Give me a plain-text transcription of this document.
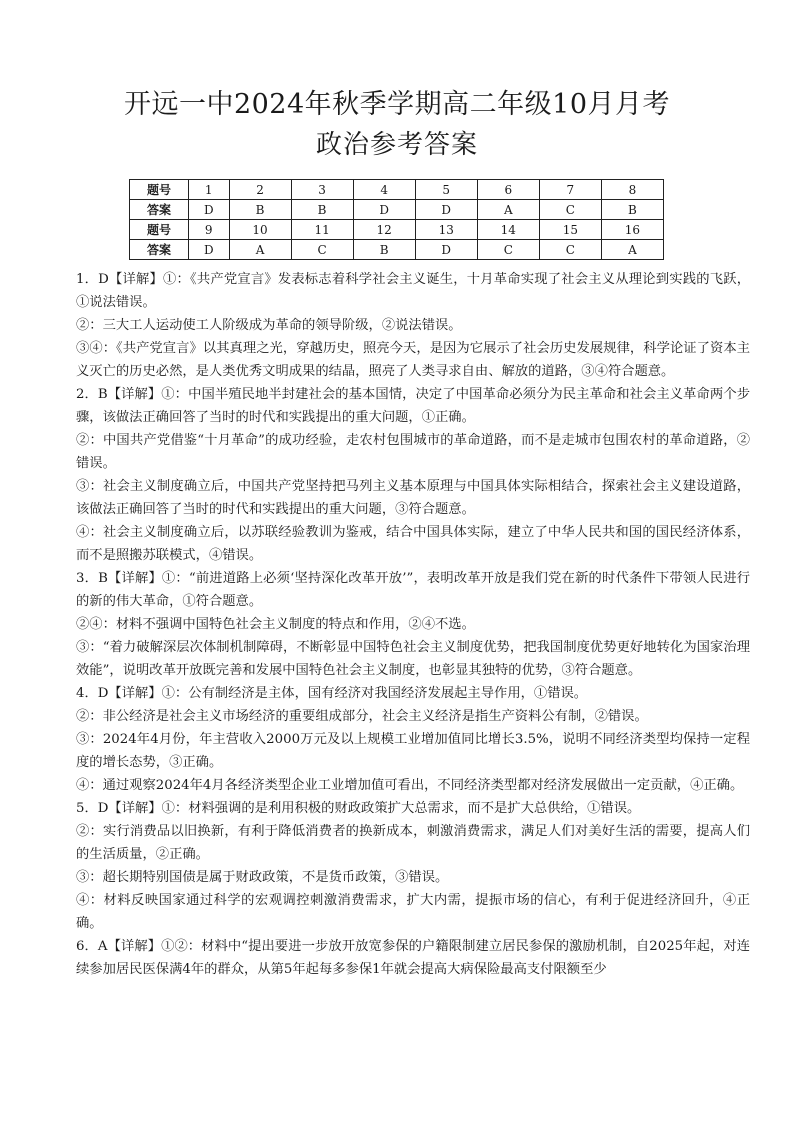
开远一中2024年秋季学期高二年级10月月考
政治参考答案
题号	1	2	3	4	5	6	7	8
答案	D	B	B	D	D	A	C	B
题号	9	10	11	12	13	14	15	16
答案	D	A	C	B	D	C	C	A

1．D【详解】①：《共产党宣言》发表标志着科学社会主义诞生，十月革命实现了社会主义从理论到实践的飞跃，①说法错误。

②：三大工人运动使工人阶级成为革命的领导阶级，②说法错误。

③④：《共产党宣言》以其真理之光，穿越历史，照亮今天，是因为它展示了社会历史发展规律，科学论证了资本主义灭亡的历史必然，是人类优秀文明成果的结晶，照亮了人类寻求自由、解放的道路，③④符合题意。

2．B【详解】①：中国半殖民地半封建社会的基本国情，决定了中国革命必须分为民主革命和社会主义革命两个步骤，该做法正确回答了当时的时代和实践提出的重大问题，①正确。

②：中国共产党借鉴“十月革命”的成功经验，走农村包围城市的革命道路，而不是走城市包围农村的革命道路，②错误。

③：社会主义制度确立后，中国共产党坚持把马列主义基本原理与中国具体实际相结合，探索社会主义建设道路，该做法正确回答了当时的时代和实践提出的重大问题，③符合题意。

④：社会主义制度确立后，以苏联经验教训为鉴戒，结合中国具体实际，建立了中华人民共和国的国民经济体系，而不是照搬苏联模式，④错误。

3．B【详解】①：“前进道路上必须‘坚持深化改革开放’”，表明改革开放是我们党在新的时代条件下带领人民进行的新的伟大革命，①符合题意。

②④：材料不强调中国特色社会主义制度的特点和作用，②④不选。

③：“着力破解深层次体制机制障碍，不断彰显中国特色社会主义制度优势，把我国制度优势更好地转化为国家治理效能”，说明改革开放既完善和发展中国特色社会主义制度，也彰显其独特的优势，③符合题意。

4．D【详解】①：公有制经济是主体，国有经济对我国经济发展起主导作用，①错误。

②：非公经济是社会主义市场经济的重要组成部分，社会主义经济是指生产资料公有制，②错误。

③：2024年4月份，年主营收入2000万元及以上规模工业增加值同比增长3.5%，说明不同经济类型均保持一定程度的增长态势，③正确。

④：通过观察2024年4月各经济类型企业工业增加值可看出，不同经济类型都对经济发展做出一定贡献，④正确。

5．D【详解】①：材料强调的是利用积极的财政政策扩大总需求，而不是扩大总供给，①错误。

②：实行消费品以旧换新，有利于降低消费者的换新成本，刺激消费需求，满足人们对美好生活的需要，提高人们的生活质量，②正确。

③：超长期特别国债是属于财政政策，不是货币政策，③错误。

④：材料反映国家通过科学的宏观调控刺激消费需求，扩大内需，提振市场的信心，有利于促进经济回升，④正确。

6．A【详解】①②：材料中“提出要进一步放开放宽参保的户籍限制建立居民参保的激励机制，自2025年起，对连续参加居民医保满4年的群众，从第5年起每多参保1年就会提高大病保险最高支付限额至少
